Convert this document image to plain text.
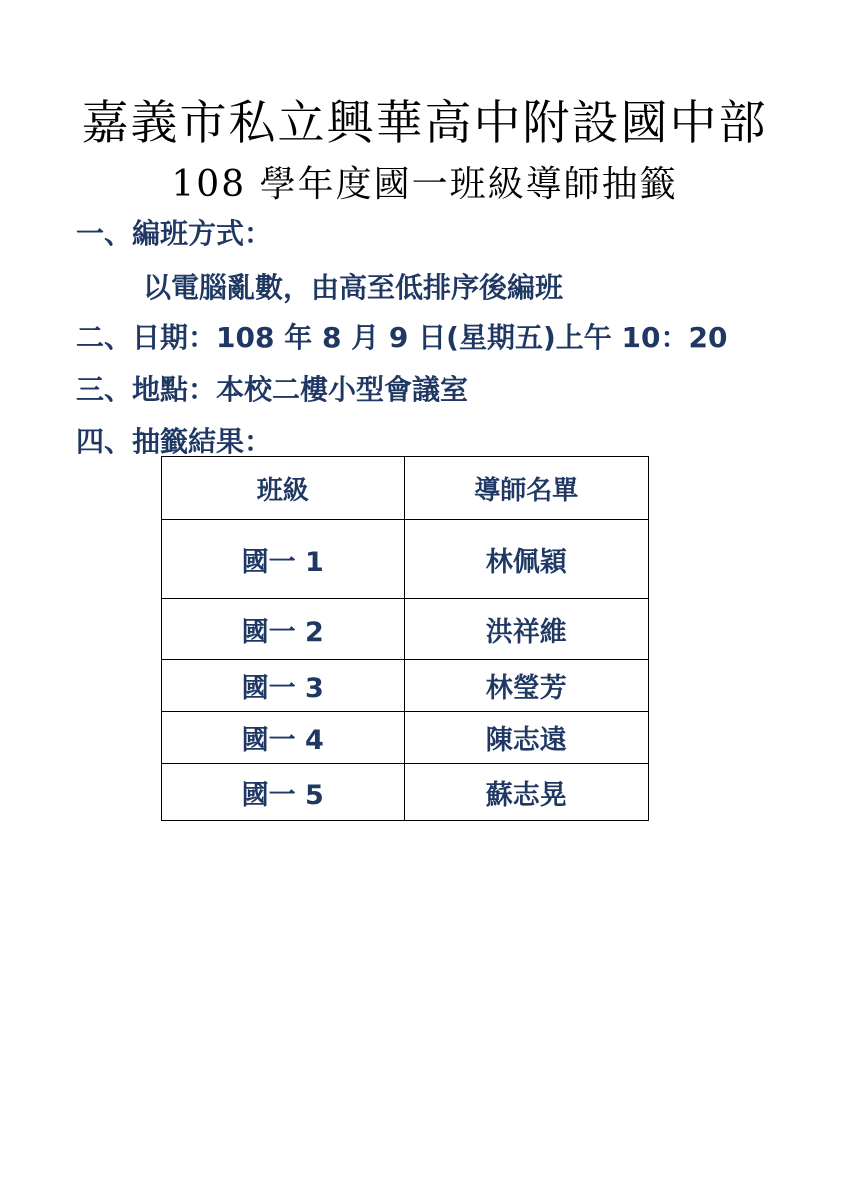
嘉義市私立興華高中附設國中部
108 學年度國一班級導師抽籤
一、編班方式：
以電腦亂數，由高至低排序後編班
二、日期：108 年 8 月 9 日(星期五)上午 10：20
三、地點：本校二樓小型會議室
四、抽籤結果：
班級	導師名單
國一 1	林佩穎
國一 2	洪祥維
國一 3	林瑩芳
國一 4	陳志遠
國一 5	蘇志晃
